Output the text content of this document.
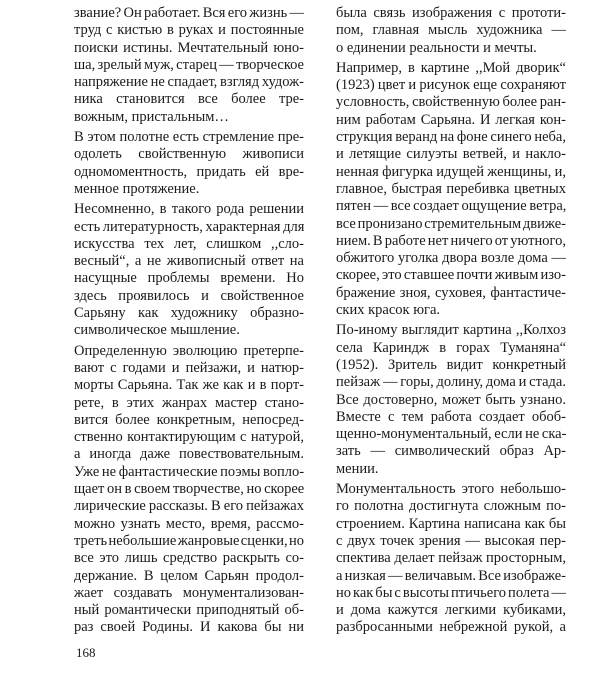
звание? Он работает. Вся его жизнь —
труд с кистью в руках и постоянные
поиски истины. Мечтательный юно-
ша, зрелый муж, старец — творческое
напряжение не спадает, взгляд худож-
ника становится все более тре-
вожным, пристальным…
В этом полотне есть стремление пре-
одолеть свойственную живописи
одномоментность, придать ей вре-
менное протяжение.
Несомненно, в такого рода решении
есть литературность, характерная для
искусства тех лет, слишком ,,сло-
весный“, а не живописный ответ на
насущные проблемы времени. Но
здесь проявилось и свойственное
Сарьяну как художнику образно-
символическое мышление.
Определенную эволюцию претерпе-
вают с годами и пейзажи, и натюр-
морты Сарьяна. Так же как и в порт-
рете, в этих жанрах мастер стано-
вится более конкретным, непосред-
ственно контактирующим с натурой,
а иногда даже повествовательным.
Уже не фантастические поэмы вопло-
щает он в своем творчестве, но скорее
лирические рассказы. В его пейзажах
можно узнать место, время, рассмо-
треть небольшие жанровые сценки, но
все это лишь средство раскрыть со-
держание. В целом Сарьян продол-
жает создавать монументализован-
ный романтически приподнятый об-
раз своей Родины. И какова бы ни
была связь изображения с прототи-
пом, главная мысль художника —
о единении реальности и мечты.
Например, в картине ,,Мой дворик“
(1923) цвет и рисунок еще сохраняют
условность, свойственную более ран-
ним работам Сарьяна. И легкая кон-
струкция веранд на фоне синего неба,
и летящие силуэты ветвей, и накло-
ненная фигурка идущей женщины, и,
главное, быстрая перебивка цветных
пятен — все создает ощущение ветра,
все пронизано стремительным движе-
нием. В работе нет ничего от уютного,
обжитого уголка двора возле дома —
скорее, это ставшее почти живым изо-
бражение зноя, суховея, фантастиче-
ских красок юга.
По-иному выглядит картина ,,Колхоз
села Кариндж в горах Туманяна“
(1952). Зритель видит конкретный
пейзаж — горы, долину, дома и стада.
Все достоверно, может быть узнано.
Вместе с тем работа создает обоб-
щенно-монументальный, если не ска-
зать — символический образ Ар-
мении.
Монументальность этого небольшо-
го полотна достигнута сложным по-
строением. Картина написана как бы
с двух точек зрения — высокая пер-
спектива делает пейзаж просторным,
а низкая — величавым. Все изображе-
но как бы с высоты птичьего полета —
и дома кажутся легкими кубиками,
разбросанными небрежной рукой, а
168
